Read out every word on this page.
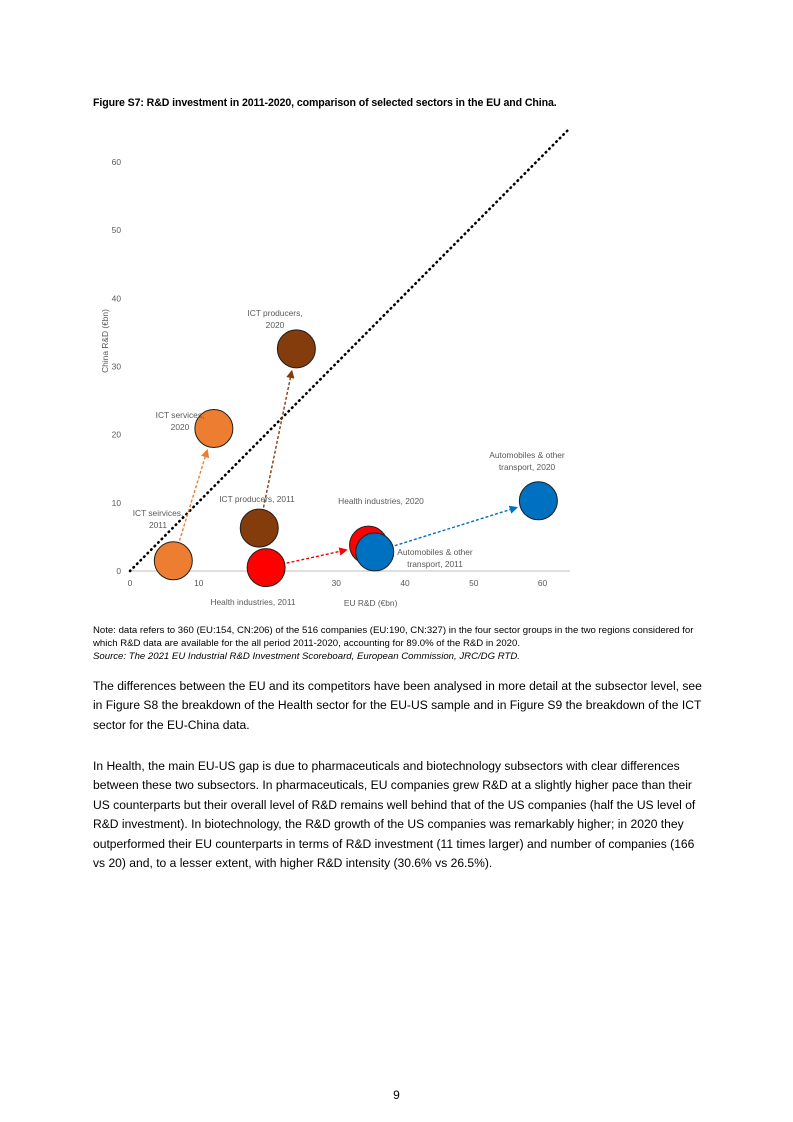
Figure S7: R&D investment in 2011-2020, comparison of selected sectors in the EU and China.
0	10	30	40	50	60
0
10
20
30
40
50
60
EU R&D (€bn)
China R&D (€bn)
ICT seirvices,
2011
ICT services,
2020
ICT producers, 2011
ICT producers,
2020
Health industries, 2011
Health industries, 2020
Automobiles & other
transport, 2011
Automobiles & other
transport, 2020
Note: data refers to 360 (EU:154, CN:206) of the 516 companies (EU:190, CN:327) in the four sector groups in the two regions considered for which R&D data are available for the all period 2011-2020, accounting for 89.0% of the R&D in 2020.
Source: The 2021 EU Industrial R&D Investment Scoreboard, European Commission, JRC/DG RTD.

The differences between the EU and its competitors have been analysed in more detail at the subsector level, see in Figure S8 the breakdown of the Health sector for the EU-US sample and in Figure S9 the breakdown of the ICT sector for the EU-China data.

In Health, the main EU-US gap is due to pharmaceuticals and biotechnology subsectors with clear differences between these two subsectors. In pharmaceuticals, EU companies grew R&D at a slightly higher pace than their US counterparts but their overall level of R&D remains well behind that of the US companies (half the US level of R&D investment). In biotechnology, the R&D growth of the US companies was remarkably higher; in 2020 they outperformed their EU counterparts in terms of R&D investment (11 times larger) and number of companies (166 vs 20) and, to a lesser extent, with higher R&D intensity (30.6% vs 26.5%).

9
